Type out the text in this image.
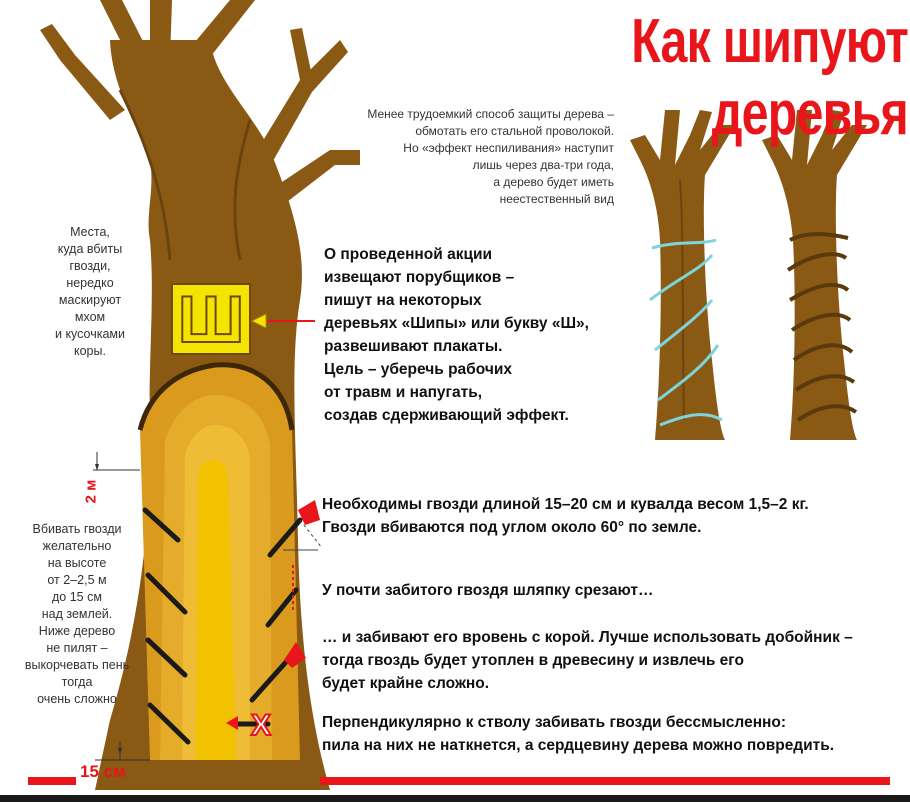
Как шипуют деревья
Менее трудоемкий способ защиты дерева –
обмотать его стальной проволокой.
Но «эффект неспиливания» наступит
лишь через два-три года,
а дерево будет иметь
неестественный вид
Места,
куда вбиты
гвозди,
нередко
маскируют
мхом
и кусочками
коры.
Вбивать гвозди
желательно
на высоте
от 2–2,5 м
до 15 см
над землей.
Ниже дерево
не пилят –
выкорчевать пень
тогда
очень сложно
О проведенной акции
извещают порубщиков –
пишут на некоторых
деревьях «Шипы» или букву «Ш»,
развешивают плакаты.
Цель – уберечь рабочих
от травм и напугать,
создав сдерживающий эффект.
Необходимы гвозди длиной 15–20 см и кувалда весом 1,5–2 кг.
Гвозди вбиваются под углом около 60° по земле.
У почти забитого гвоздя шляпку срезают…
… и забивают его вровень с корой. Лучше использовать добойник –
тогда гвоздь будет утоплен в древесину и извлечь его
будет крайне сложно.
Перпендикулярно к стволу забивать гвозди бессмысленно:
пила на них не наткнется, а сердцевину дерева можно повредить.
Ш
2 м
15 см
X
